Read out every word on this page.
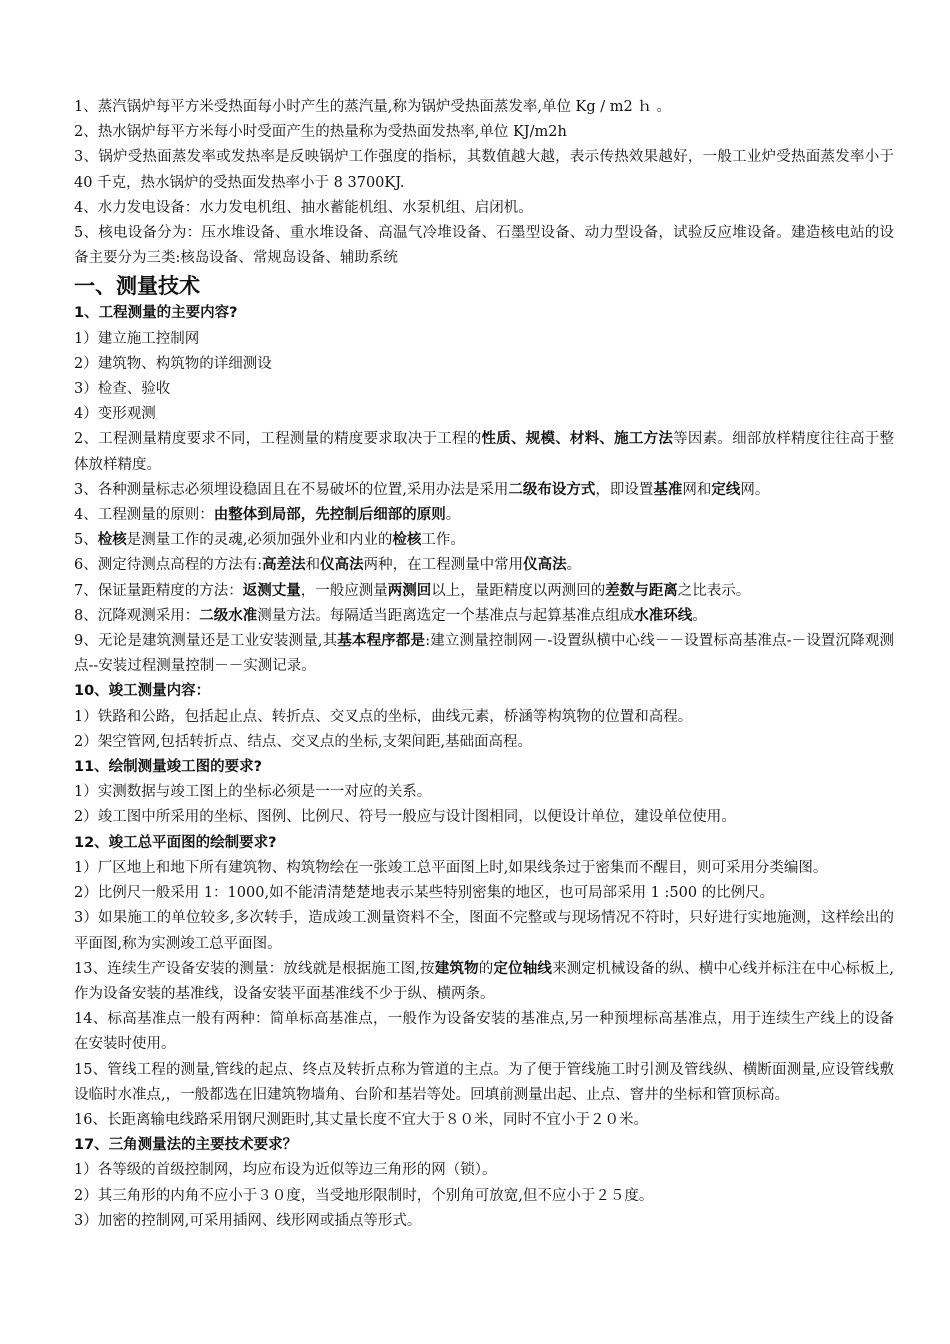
1、蒸汽锅炉每平方米受热面每小时产生的蒸汽量,称为锅炉受热面蒸发率,单位 Kg / m2 ｈ 。

2、热水锅炉每平方米每小时受面产生的热量称为受热面发热率,单位 KJ/m2h

3、锅炉受热面蒸发率或发热率是反映锅炉工作强度的指标，其数值越大越，表示传热效果越好，一般工业炉受热面蒸发率小于 40 千克，热水锅炉的受热面发热率小于 8 3700KJ.

4、水力发电设备：水力发电机组、抽水蓄能机组、水泵机组、启闭机。

5、核电设备分为：压水堆设备、重水堆设备、高温气冷堆设备、石墨型设备、动力型设备，试验反应堆设备。建造核电站的设备主要分为三类:核岛设备、常规岛设备、辅助系统

一、测量技术

1、工程测量的主要内容?

1）建立施工控制网

2）建筑物、构筑物的详细测设

3）检查、验收

4）变形观测

2、工程测量精度要求不同，工程测量的精度要求取决于工程的性质、规模、材料、施工方法等因素。细部放样精度往往高于整体放样精度。

3、各种测量标志必须埋设稳固且在不易破坏的位置,采用办法是采用二级布设方式，即设置基准网和定线网。

4、工程测量的原则：由整体到局部，先控制后细部的原则。

5、检核是测量工作的灵魂,必须加强外业和内业的检核工作。

6、测定待测点高程的方法有:高差法和仪高法两种，在工程测量中常用仪高法。

7、保证量距精度的方法：返测丈量，一般应测量两测回以上，量距精度以两测回的差数与距离之比表示。

8、沉降观测采用：二级水准测量方法。每隔适当距离选定一个基准点与起算基准点组成水准环线。

9、无论是建筑测量还是工业安装测量,其基本程序都是:建立测量控制网－-设置纵横中心线－－设置标高基准点-－设置沉降观测点--安装过程测量控制－－实测记录。

10、竣工测量内容：

1）铁路和公路，包括起止点、转折点、交叉点的坐标，曲线元素，桥涵等构筑物的位置和高程。

2）架空管网,包括转折点、结点、交叉点的坐标,支架间距,基础面高程。

11、绘制测量竣工图的要求?

1）实测数据与竣工图上的坐标必须是一一对应的关系。

2）竣工图中所采用的坐标、图例、比例尺、符号一般应与设计图相同，以便设计单位，建设单位使用。

12、竣工总平面图的绘制要求?

1）厂区地上和地下所有建筑物、构筑物绘在一张竣工总平面图上时,如果线条过于密集而不醒目，则可采用分类编图。

2）比例尺一般采用 1：1000,如不能清清楚楚地表示某些特别密集的地区，也可局部采用 1 :500 的比例尺。

3）如果施工的单位较多,多次转手，造成竣工测量资料不全，图面不完整或与现场情况不符时，只好进行实地施测，这样绘出的平面图,称为实测竣工总平面图。

13、连续生产设备安装的测量：放线就是根据施工图,按建筑物的定位轴线来测定机械设备的纵、横中心线并标注在中心标板上,作为设备安装的基准线，设备安装平面基准线不少于纵、横两条。

14、标高基准点一般有两种：简单标高基准点，一般作为设备安装的基准点,另一种预埋标高基准点，用于连续生产线上的设备在安装时使用。

15、管线工程的测量,管线的起点、终点及转折点称为管道的主点。为了便于管线施工时引测及管线纵、横断面测量,应设管线敷设临时水准点,，一般都选在旧建筑物墙角、台阶和基岩等处。回填前测量出起、止点、窨井的坐标和管顶标高。

16、长距离输电线路采用钢尺测距时,其丈量长度不宜大于８０米，同时不宜小于２０米。

17、三角测量法的主要技术要求？

1）各等级的首级控制网，均应布设为近似等边三角形的网（锁）。

2）其三角形的内角不应小于３０度，当受地形限制时，个别角可放宽,但不应小于２５度。

3）加密的控制网,可采用插网、线形网或插点等形式。
